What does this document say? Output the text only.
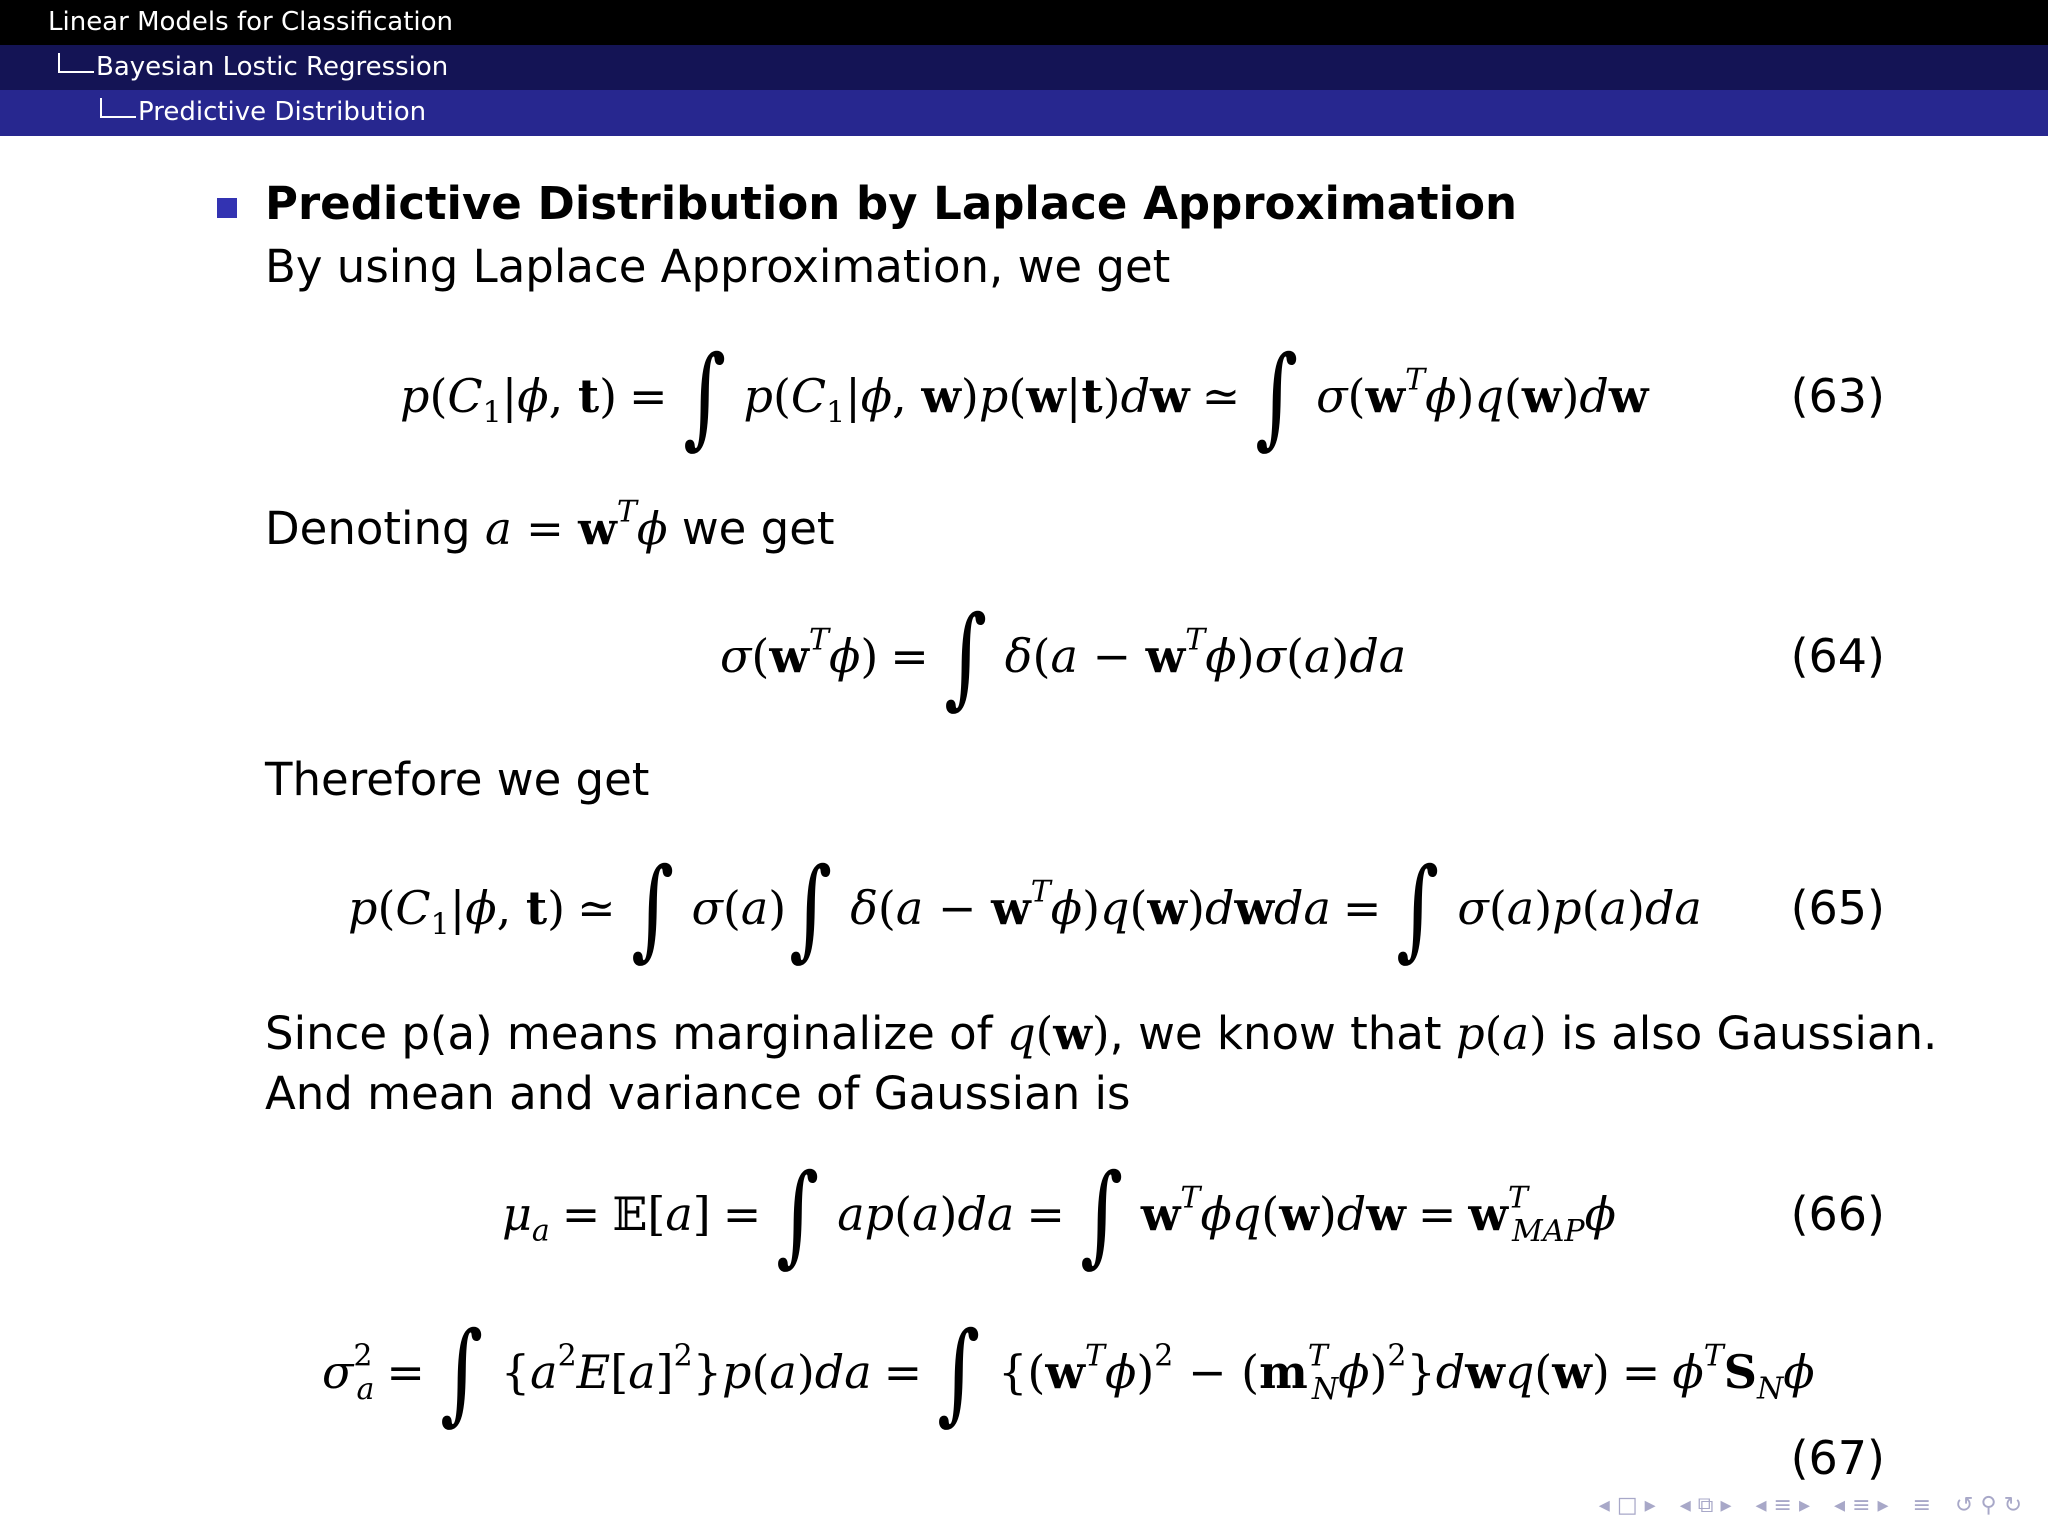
Linear Models for Classification
Bayesian Lostic Regression
Predictive Distribution
Predictive Distribution by Laplace Approximation
By using Laplace Approximation, we get
$p(C_1|\phi$, t) = ∫ $p(C_1|\phi$, w)p(w|t)dw ≃ ∫ $\sigma(w^T\phi)q(w)dw$	(63)
Denoting $a = w^T\phi$ we get
$\sigma(w^T\phi)$ = ∫ $\delta(a - w^T\phi)\sigma(a)da$	(64)
Therefore we get
$p(C_1|\phi$, t) ≃ ∫ σ(a)∫ $\delta(a - w^T\phi)q(w)dwda$ = ∫ σ(a)p(a)da (65)
Since p(a) means marginalize of q(w), we know that p(a) is also Gaussian.
And mean and variance of Gaussian is
$\mu_a$ = 𝔼[a] = ∫ ap(a)da = ∫ $w^T\phi q(w)dw = w^T_{MAP}\phi$	(66)
$\sigma^2_a$ = ∫ $\{a^2E[a]^2\}p(a)da$ = ∫ $\{(w^T\phi)^2 - (m^T_N\phi)^2\}dwq(w) = \phi^TS_N\phi$
(67)
◂ □ ▸ ◂ ⧉ ▸ ◂ ≡ ▸ ◂ ≡ ▸ ≡ ↺ ⚲ ↻
